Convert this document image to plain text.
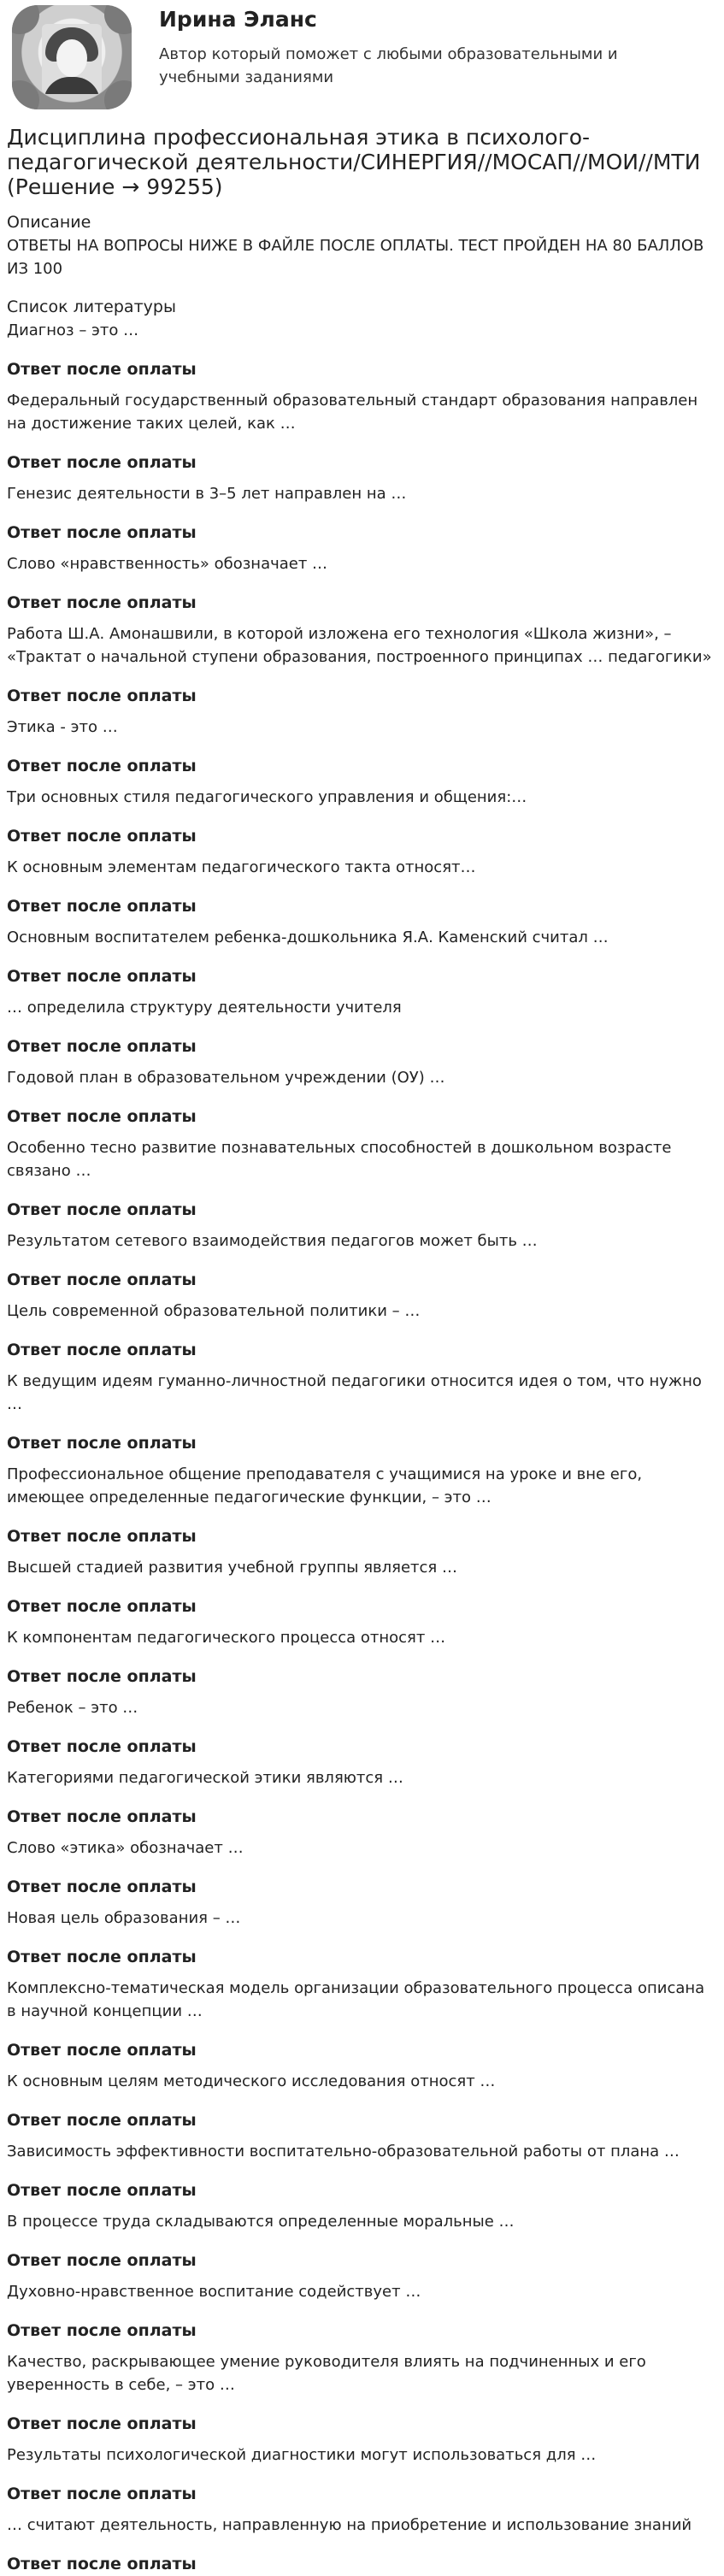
Ирина Эланс
Автор который поможет с любыми образовательными и учебными заданиями
Дисциплина профессиональная этика в психолого-педагогической деятельности/СИНЕРГИЯ//МОСАП//МОИ//МТИ (Решение → 99255)
Описание
ОТВЕТЫ НА ВОПРОСЫ НИЖЕ В ФАЙЛЕ ПОСЛЕ ОПЛАТЫ. ТЕСТ ПРОЙДЕН НА 80 БАЛЛОВ ИЗ 100
Список литературы
Диагноз – это …
Ответ после оплаты
Федеральный государственный образовательный стандарт образования направлен на достижение таких целей, как …
Ответ после оплаты
Генезис деятельности в 3–5 лет направлен на …
Ответ после оплаты
Слово «нравственность» обозначает …
Ответ после оплаты
Работа Ш.А. Амонашвили, в которой изложена его технология «Школа жизни», – «Трактат о начальной ступени образования, построенного принципах … педагогики»
Ответ после оплаты
Этика - это …
Ответ после оплаты
Три основных стиля педагогического управления и общения:…
Ответ после оплаты
К основным элементам педагогического такта относят…
Ответ после оплаты
Основным воспитателем ребенка-дошкольника Я.А. Каменский считал …
Ответ после оплаты
… определила структуру деятельности учителя
Ответ после оплаты
Годовой план в образовательном учреждении (ОУ) …
Ответ после оплаты
Особенно тесно развитие познавательных способностей в дошкольном возрасте связано …
Ответ после оплаты
Результатом сетевого взаимодействия педагогов может быть …
Ответ после оплаты
Цель современной образовательной политики – …
Ответ после оплаты
К ведущим идеям гуманно-личностной педагогики относится идея о том, что нужно …
Ответ после оплаты
Профессиональное общение преподавателя с учащимися на уроке и вне его, имеющее определенные педагогические функции, – это …
Ответ после оплаты
Высшей стадией развития учебной группы является …
Ответ после оплаты
К компонентам педагогического процесса относят …
Ответ после оплаты
Ребенок – это …
Ответ после оплаты
Категориями педагогической этики являются …
Ответ после оплаты
Слово «этика» обозначает …
Ответ после оплаты
Новая цель образования – …
Ответ после оплаты
Комплексно-тематическая модель организации образовательного процесса описана в научной концепции …
Ответ после оплаты
К основным целям методического исследования относят …
Ответ после оплаты
Зависимость эффективности воспитательно-образовательной работы от плана …
Ответ после оплаты
В процессе труда складываются определенные моральные …
Ответ после оплаты
Духовно-нравственное воспитание содействует …
Ответ после оплаты
Качество, раскрывающее умение руководителя влиять на подчиненных и его уверенность в себе, – это …
Ответ после оплаты
Результаты психологической диагностики могут использоваться для …
Ответ после оплаты
… считают деятельность, направленную на приобретение и использование знаний
Ответ после оплаты
